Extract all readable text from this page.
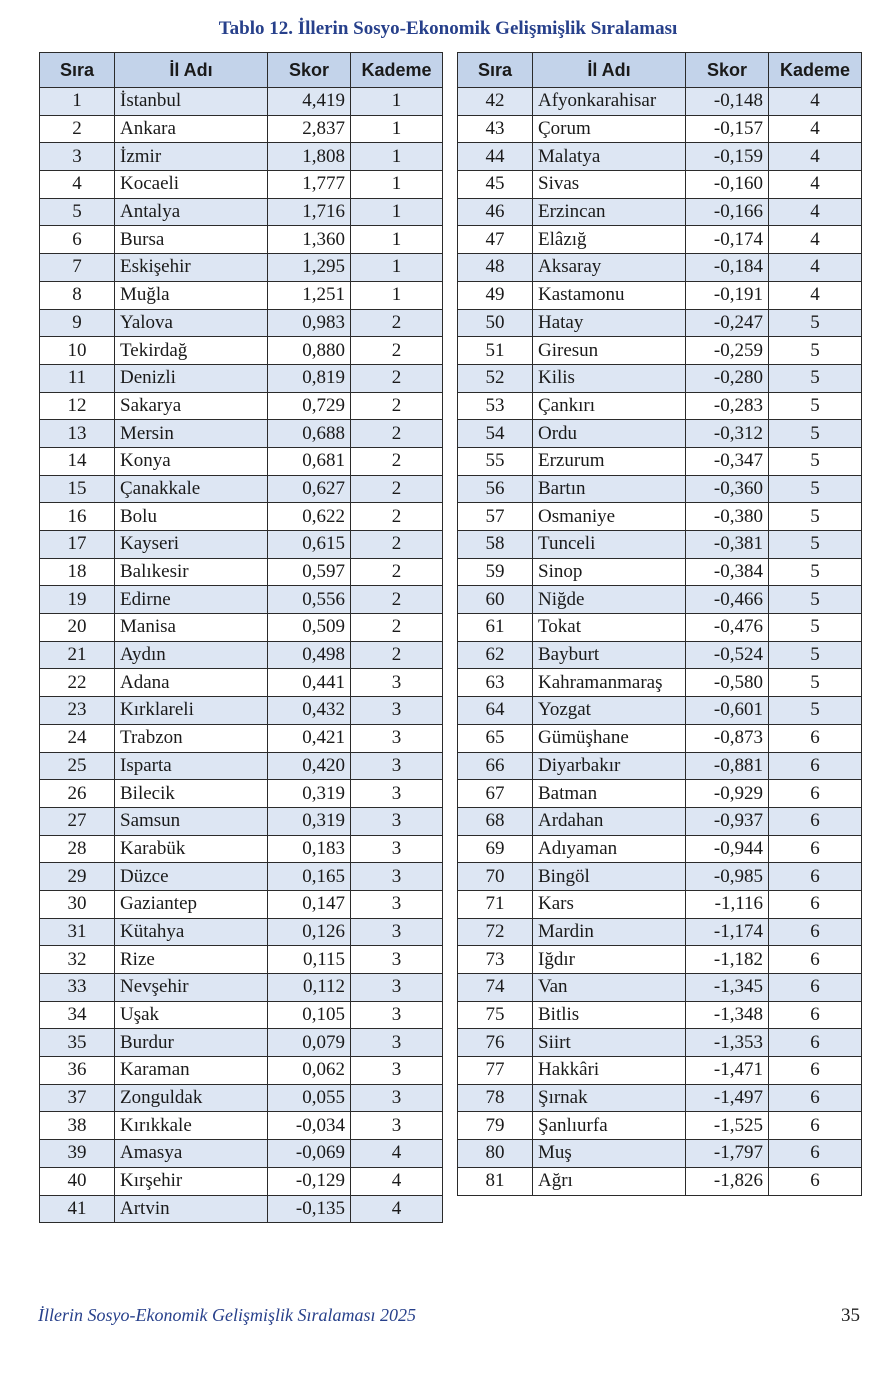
Tablo 12. İllerin Sosyo-Ekonomik Gelişmişlik Sıralaması
Sıra	İl Adı	Skor	Kademe
1	İstanbul	4,419	1
2	Ankara	2,837	1
3	İzmir	1,808	1
4	Kocaeli	1,777	1
5	Antalya	1,716	1
6	Bursa	1,360	1
7	Eskişehir	1,295	1
8	Muğla	1,251	1
9	Yalova	0,983	2
10	Tekirdağ	0,880	2
11	Denizli	0,819	2
12	Sakarya	0,729	2
13	Mersin	0,688	2
14	Konya	0,681	2
15	Çanakkale	0,627	2
16	Bolu	0,622	2
17	Kayseri	0,615	2
18	Balıkesir	0,597	2
19	Edirne	0,556	2
20	Manisa	0,509	2
21	Aydın	0,498	2
22	Adana	0,441	3
23	Kırklareli	0,432	3
24	Trabzon	0,421	3
25	Isparta	0,420	3
26	Bilecik	0,319	3
27	Samsun	0,319	3
28	Karabük	0,183	3
29	Düzce	0,165	3
30	Gaziantep	0,147	3
31	Kütahya	0,126	3
32	Rize	0,115	3
33	Nevşehir	0,112	3
34	Uşak	0,105	3
35	Burdur	0,079	3
36	Karaman	0,062	3
37	Zonguldak	0,055	3
38	Kırıkkale	-0,034	3
39	Amasya	-0,069	4
40	Kırşehir	-0,129	4
41	Artvin	-0,135	4
Sıra	İl Adı	Skor	Kademe
42	Afyonkarahisar	-0,148	4
43	Çorum	-0,157	4
44	Malatya	-0,159	4
45	Sivas	-0,160	4
46	Erzincan	-0,166	4
47	Elâzığ	-0,174	4
48	Aksaray	-0,184	4
49	Kastamonu	-0,191	4
50	Hatay	-0,247	5
51	Giresun	-0,259	5
52	Kilis	-0,280	5
53	Çankırı	-0,283	5
54	Ordu	-0,312	5
55	Erzurum	-0,347	5
56	Bartın	-0,360	5
57	Osmaniye	-0,380	5
58	Tunceli	-0,381	5
59	Sinop	-0,384	5
60	Niğde	-0,466	5
61	Tokat	-0,476	5
62	Bayburt	-0,524	5
63	Kahramanmaraş	-0,580	5
64	Yozgat	-0,601	5
65	Gümüşhane	-0,873	6
66	Diyarbakır	-0,881	6
67	Batman	-0,929	6
68	Ardahan	-0,937	6
69	Adıyaman	-0,944	6
70	Bingöl	-0,985	6
71	Kars	-1,116	6
72	Mardin	-1,174	6
73	Iğdır	-1,182	6
74	Van	-1,345	6
75	Bitlis	-1,348	6
76	Siirt	-1,353	6
77	Hakkâri	-1,471	6
78	Şırnak	-1,497	6
79	Şanlıurfa	-1,525	6
80	Muş	-1,797	6
81	Ağrı	-1,826	6
İllerin Sosyo-Ekonomik Gelişmişlik Sıralaması 2025	35
